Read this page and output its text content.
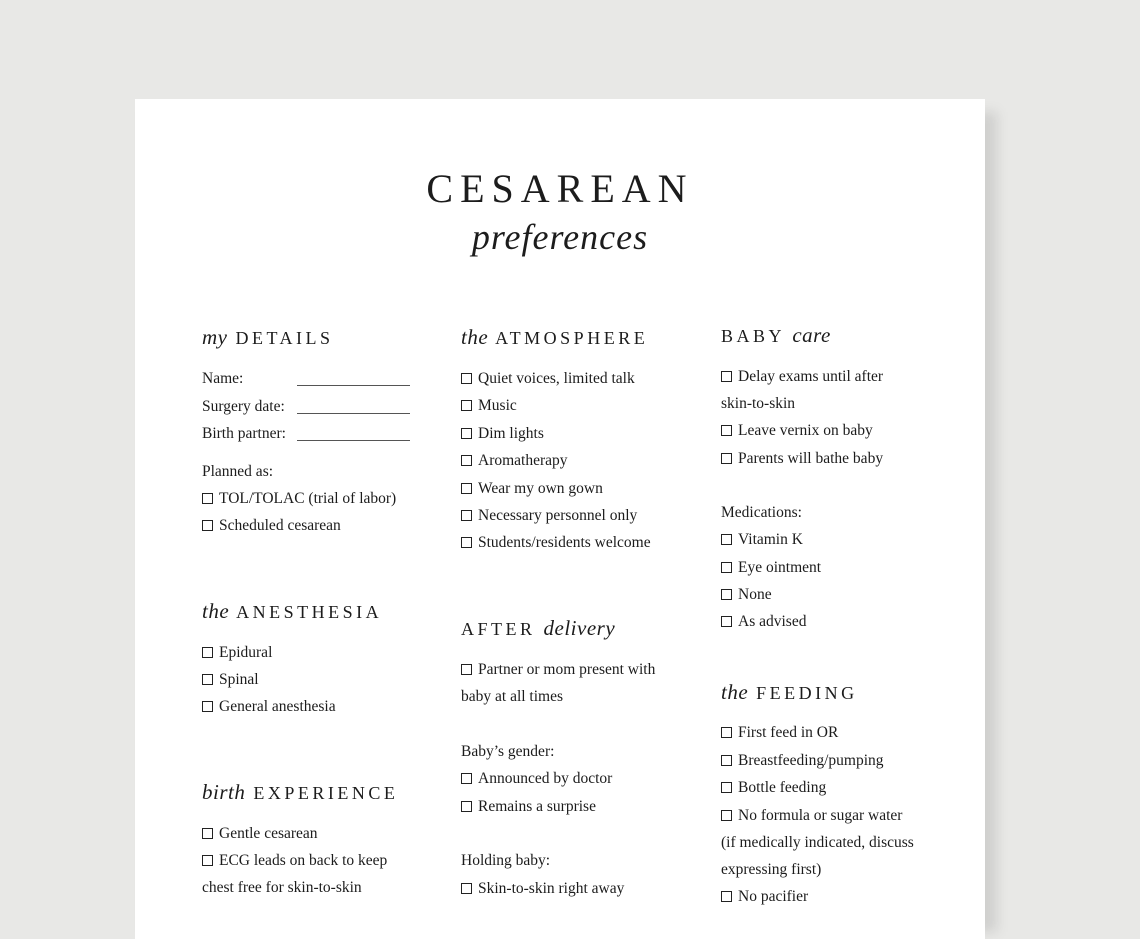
CESAREAN
preferences
my DETAILS
Name:
Surgery date:
Birth partner:
Planned as:
TOL/TOLAC (trial of labor)
Scheduled cesarean
the ANESTHESIA
Epidural
Spinal
General anesthesia
birth EXPERIENCE
Gentle cesarean
ECG leads on back to keep
chest free for skin-to-skin
the ATMOSPHERE
Quiet voices, limited talk
Music
Dim lights
Aromatherapy
Wear my own gown
Necessary personnel only
Students/residents welcome
AFTER delivery
Partner or mom present with
baby at all times
Baby’s gender:
Announced by doctor
Remains a surprise
Holding baby:
Skin-to-skin right away
BABY care
Delay exams until after
skin-to-skin
Leave vernix on baby
Parents will bathe baby
Medications:
Vitamin K
Eye ointment
None
As advised
the FEEDING
First feed in OR
Breastfeeding/pumping
Bottle feeding
No formula or sugar water
(if medically indicated, discuss
expressing first)
No pacifier
